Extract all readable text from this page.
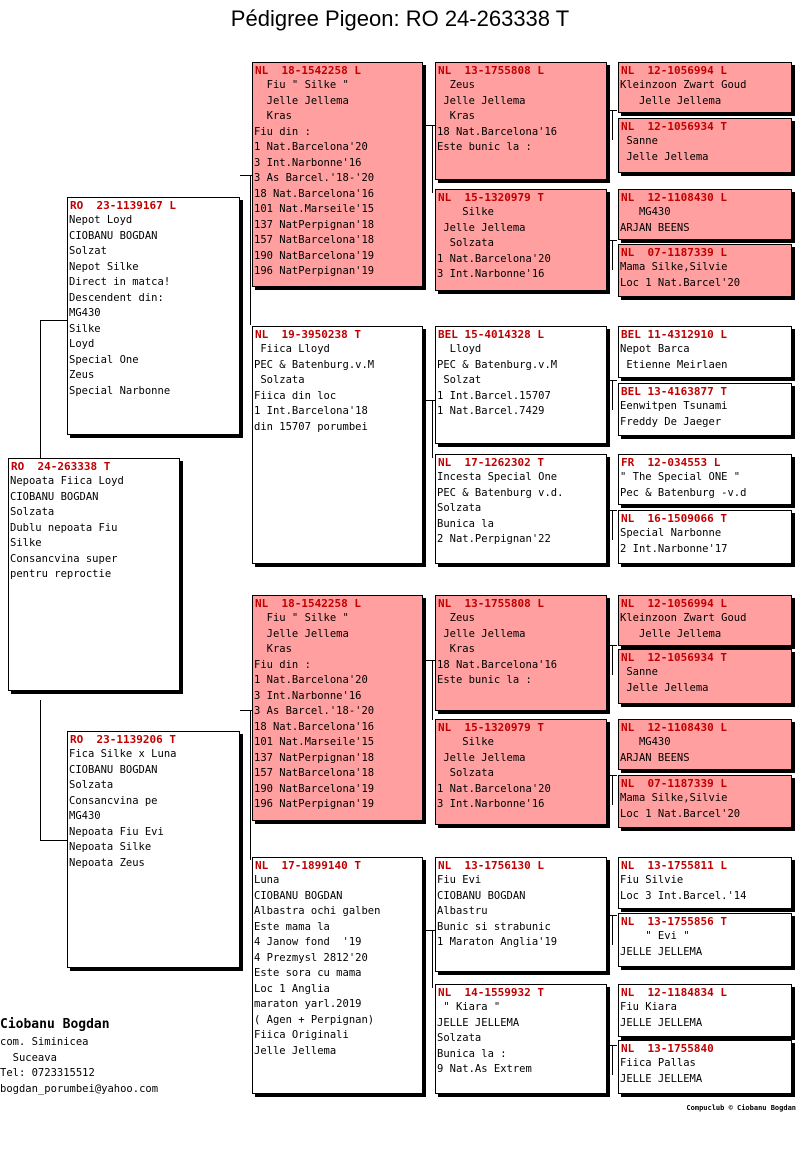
Pédigree Pigeon: RO 24-263338 T
RO  24-263338 T
Nepoata Fiica Loyd
CIOBANU BOGDAN
Solzata
Dublu nepoata Fiu
Silke
Consancvina super
pentru reproctie
RO  23-1139167 L
Nepot Loyd
CIOBANU BOGDAN
Solzat
Nepot Silke
Direct in matca!
Descendent din:
MG430
Silke
Loyd
Special One
Zeus
Special Narbonne
RO  23-1139206 T
Fica Silke x Luna
CIOBANU BOGDAN
Solzata
Consancvina pe
MG430
Nepoata Fiu Evi
Nepoata Silke
Nepoata Zeus
NL  18-1542258 L
Fiu " Silke "
Jelle Jellema
Kras
Fiu din :
1 Nat.Barcelona'20
3 Int.Narbonne'16
3 As Barcel.'18-'20
18 Nat.Barcelona'16
101 Nat.Marseile'15
137 NatPerpignan'18
157 NatBarcelona'18
190 NatBarcelona'19
196 NatPerpignan'19
NL  19-3950238 T
Fiica Lloyd
PEC & Batenburg.v.M
Solzata
Fiica din loc
1 Int.Barcelona'18
din 15707 porumbei
NL  18-1542258 L
Fiu " Silke "
Jelle Jellema
Kras
Fiu din :
1 Nat.Barcelona'20
3 Int.Narbonne'16
3 As Barcel.'18-'20
18 Nat.Barcelona'16
101 Nat.Marseile'15
137 NatPerpignan'18
157 NatBarcelona'18
190 NatBarcelona'19
196 NatPerpignan'19
NL  17-1899140 T
Luna
CIOBANU BOGDAN
Albastra ochi galben
Este mama la
4 Janow fond  '19
4 Prezmysl 2812'20
Este sora cu mama
Loc 1 Anglia
maraton yarl.2019
( Agen + Perpignan)
Fiica Originali
Jelle Jellema
NL  13-1755808 L
Zeus
Jelle Jellema
Kras
18 Nat.Barcelona'16
Este bunic la :
NL  15-1320979 T
Silke
Jelle Jellema
Solzata
1 Nat.Barcelona'20
3 Int.Narbonne'16
BEL 15-4014328 L
Lloyd
PEC & Batenburg.v.M
Solzat
1 Int.Barcel.15707
1 Nat.Barcel.7429
NL  17-1262302 T
Incesta Special One
PEC & Batenburg v.d.
Solzata
Bunica la
2 Nat.Perpignan'22
NL  13-1755808 L
Zeus
Jelle Jellema
Kras
18 Nat.Barcelona'16
Este bunic la :
NL  15-1320979 T
Silke
Jelle Jellema
Solzata
1 Nat.Barcelona'20
3 Int.Narbonne'16
NL  13-1756130 L
Fiu Evi
CIOBANU BOGDAN
Albastru
Bunic si strabunic
1 Maraton Anglia'19
NL  14-1559932 T
" Kiara "
JELLE JELLEMA
Solzata
Bunica la :
9 Nat.As Extrem
NL  12-1056994 L
Kleinzoon Zwart Goud
Jelle Jellema
NL  12-1056934 T
Sanne
Jelle Jellema
NL  12-1108430 L
MG430
ARJAN BEENS
NL  07-1187339 L
Mama Silke,Silvie
Loc 1 Nat.Barcel'20
BEL 11-4312910 L
Nepot Barca
Etienne Meirlaen
BEL 13-4163877 T
Eenwitpen Tsunami
Freddy De Jaeger
FR  12-034553 L
" The Special ONE "
Pec & Batenburg -v.d
NL  16-1509066 T
Special Narbonne
2 Int.Narbonne'17
NL  12-1056994 L
Kleinzoon Zwart Goud
Jelle Jellema
NL  12-1056934 T
Sanne
Jelle Jellema
NL  12-1108430 L
MG430
ARJAN BEENS
NL  07-1187339 L
Mama Silke,Silvie
Loc 1 Nat.Barcel'20
NL  13-1755811 L
Fiu Silvie
Loc 3 Int.Barcel.'14
NL  13-1755856 T
" Evi "
JELLE JELLEMA
NL  12-1184834 L
Fiu Kiara
JELLE JELLEMA
NL  13-1755840
Fiica Pallas
JELLE JELLEMA
Ciobanu Bogdan
com. Siminicea
Suceava
Tel: 0723315512
bogdan_porumbei@yahoo.com
Compuclub © Ciobanu Bogdan
